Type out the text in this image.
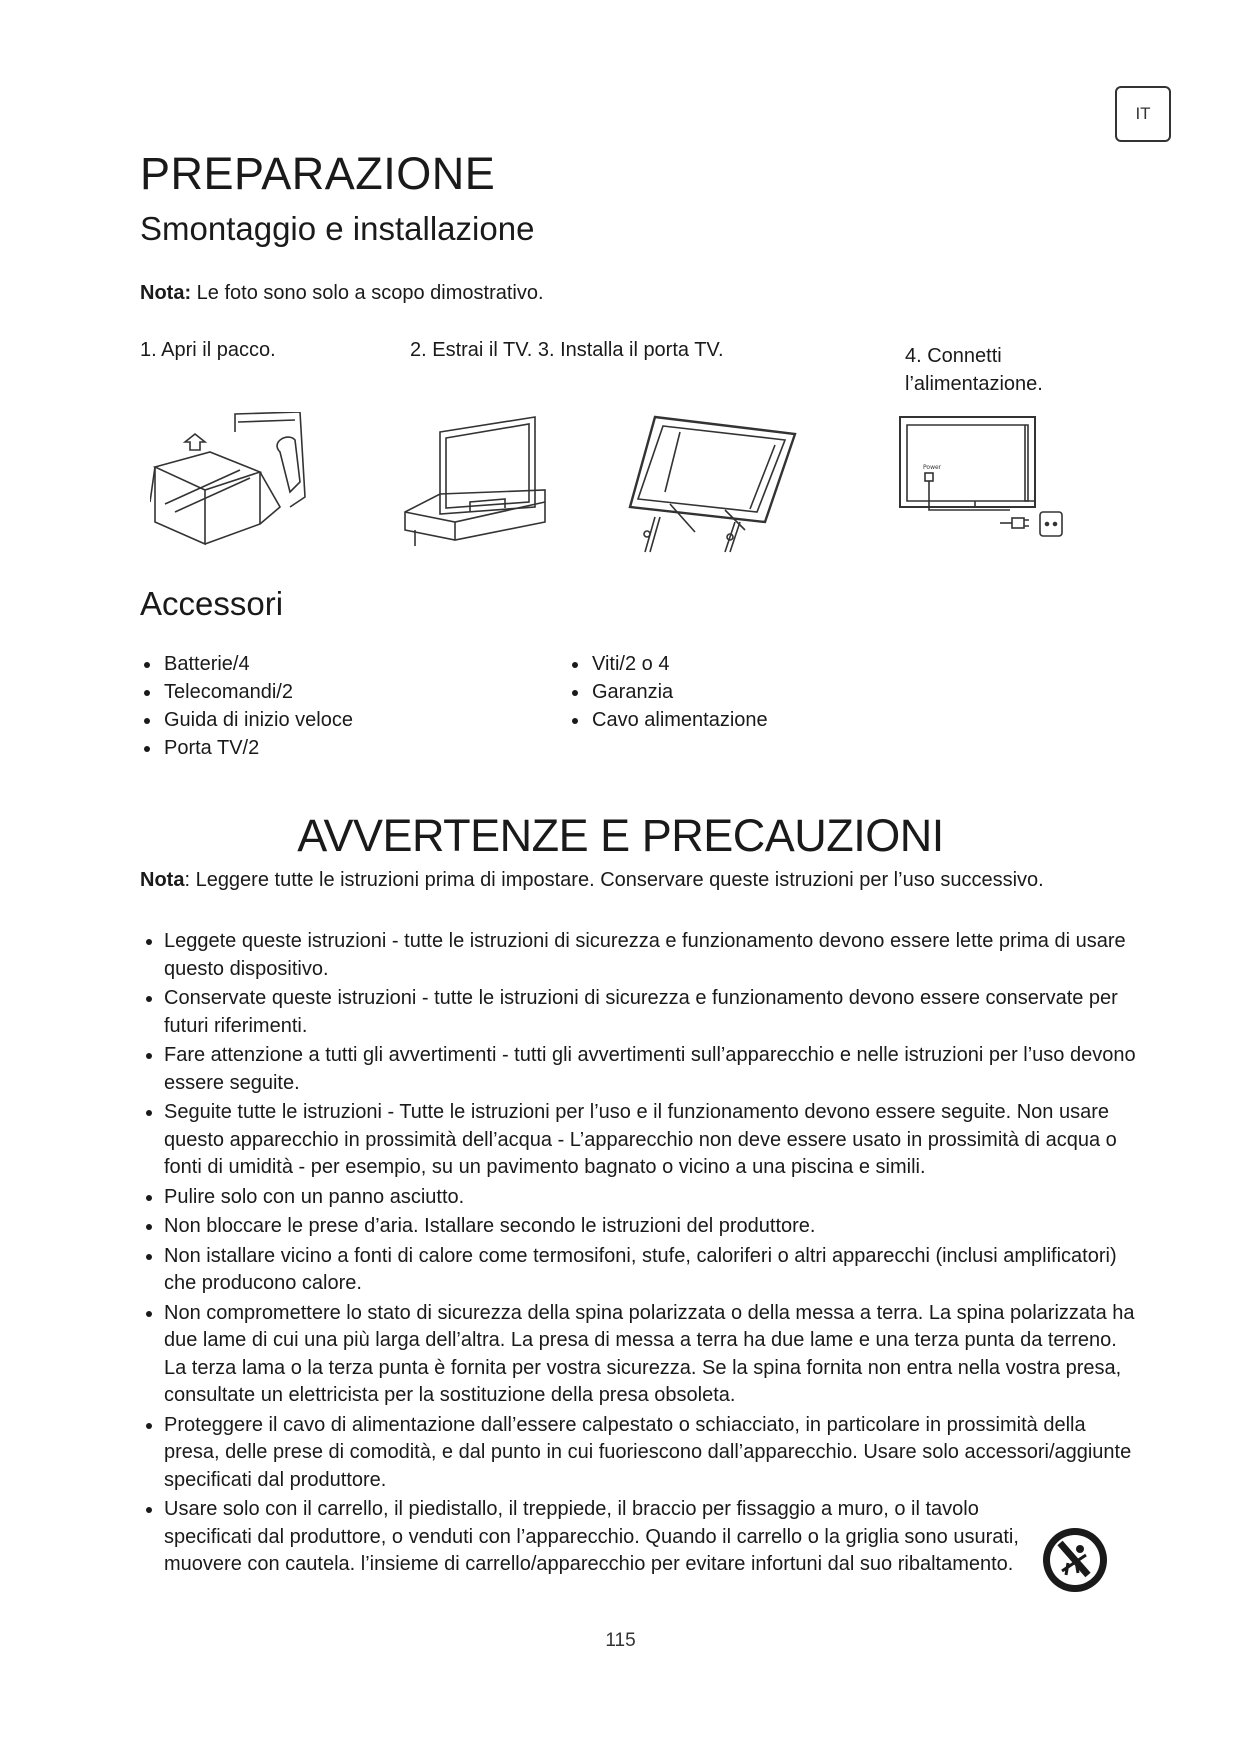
IT
PREPARAZIONE
Smontaggio e installazione
Nota: Le foto sono solo a scopo dimostrativo.
1. Apri il pacco.	2. Estrai il TV. 3. Installa il porta TV.	4. Connetti
l’alimentazione.
Power
Accessori
• Batterie/4
• Telecomandi/2
• Guida di inizio veloce
• Porta TV/2
• Viti/2 o 4
• Garanzia
• Cavo alimentazione
AVVERTENZE E PRECAUZIONI
Nota: Leggere tutte le istruzioni prima di impostare. Conservare queste istruzioni per l’uso successivo.
• Leggete queste istruzioni - tutte le istruzioni di sicurezza e funzionamento devono essere lette prima di usare questo dispositivo.
• Conservate queste istruzioni - tutte le istruzioni di sicurezza e funzionamento devono essere conservate per futuri riferimenti.
• Fare attenzione a tutti gli avvertimenti - tutti gli avvertimenti sull’apparecchio e nelle istruzioni per l’uso devono essere seguite.
• Seguite tutte le istruzioni - Tutte le istruzioni per l’uso e il funzionamento devono essere seguite. Non usare questo apparecchio in prossimità dell’acqua - L’apparecchio non deve essere usato in prossimità di acqua o fonti di umidità - per esempio, su un pavimento bagnato o vicino a una piscina e simili.
• Pulire solo con un panno asciutto.
• Non bloccare le prese d’aria. Istallare secondo le istruzioni del produttore.
• Non istallare vicino a fonti di calore come termosifoni, stufe, caloriferi o altri apparecchi (inclusi amplificatori) che producono calore.
• Non compromettere lo stato di sicurezza della spina polarizzata o della messa a terra. La spina polarizzata ha due lame di cui una più larga dell’altra. La presa di messa a terra ha due lame e una terza punta da terreno. La terza lama o la terza punta è fornita per vostra sicurezza. Se la spina fornita non entra nella vostra presa, consultate un elettricista per la sostituzione della presa obsoleta.
• Proteggere il cavo di alimentazione dall’essere calpestato o schiacciato, in particolare in prossimità della presa, delle prese di comodità, e dal punto in cui fuoriescono dall’apparecchio. Usare solo accessori/aggiunte specificati dal produttore.
• Usare solo con il carrello, il piedistallo, il treppiede, il braccio per fissaggio a muro, o il tavolo specificati dal produttore, o venduti con l’apparecchio. Quando il carrello o la griglia sono usurati, muovere con cautela. l’insieme di carrello/apparecchio per evitare infortuni dal suo ribaltamento.
115
